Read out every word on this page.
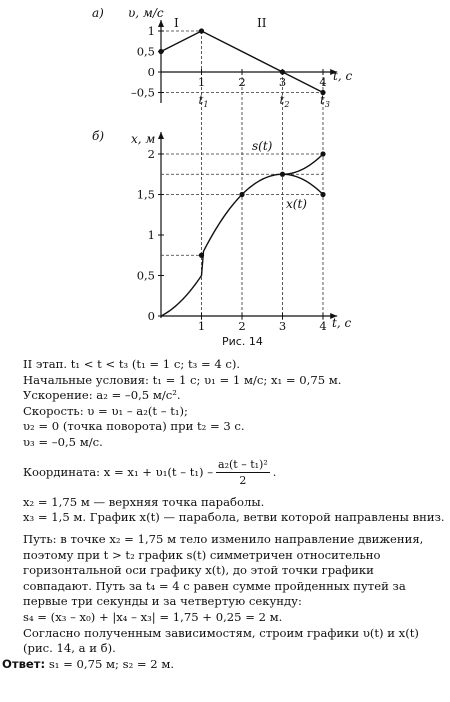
а) υ, м/с
I	II
t, с
1
0,5
0
–0,5
1	2	3	4
$t_1$	$t_2$	$t_3$
б) x, м
t, с
s(t)
x(t)
2
1,5
1
0,5
0
1	2	3	4
Рис. 14

II этап. t₁ < t < t₃ (t₁ = 1 с; t₃ = 4 с).

Начальные условия: t₁ = 1 с; υ₁ = 1 м/с; x₁ = 0,75 м.

Ускорение: a₂ = –0,5 м/с².

Скорость: υ = υ₁ – a₂(t – t₁);

υ₂ = 0 (точка поворота) при t₂ = 3 с.

υ₃ = –0,5 м/с.

Координата: $x = x_1 + \upsilon_1(t - t_1) - \frac{\text{a₂(t – t₁)²}}{2}$ .

x₂ = 1,75 м — верхняя точка параболы.

x₃ = 1,5 м. График x(t) — парабола, ветви которой направлены вниз.

Путь: в точке x₂ = 1,75 м тело изменило направление движения, поэтому при t > t₂ график s(t) симметричен относительно горизонтальной оси графику x(t), до этой точки графики совпадают. Путь за t₄ = 4 с равен сумме пройденных путей за первые три секунды и за четвертую секунду:

s₄ = (x₃ – x₀) + |x₄ – x₃| = 1,75 + 0,25 = 2 м.

Согласно полученным зависимостям, строим графики υ(t) и x(t) (рис. 14, а и б).

Ответ: s₁ = 0,75 м; s₂ = 2 м.
